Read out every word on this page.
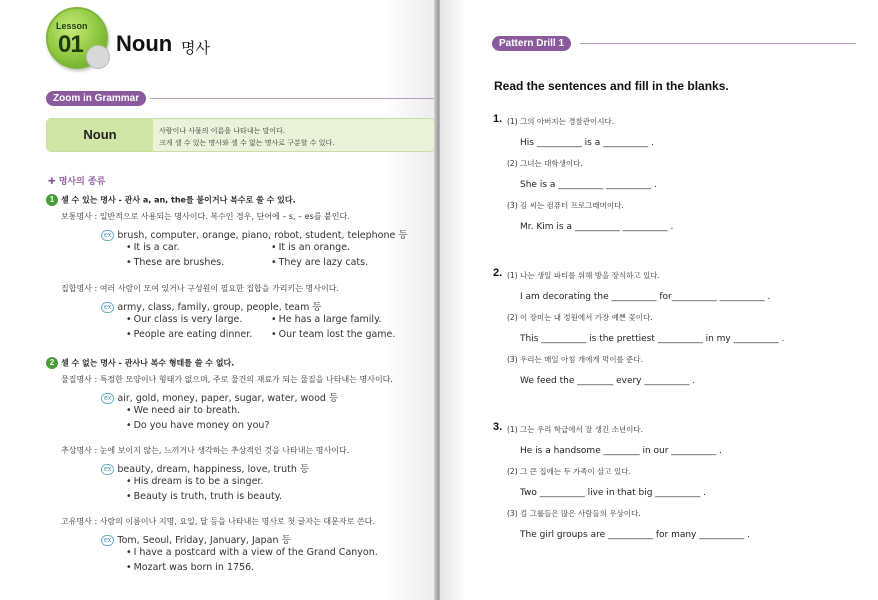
Lesson
01 Noun 명사
Zoom in Grammar
Noun	사람이나 사물의 이름을 나타내는 말이다.
크게 셀 수 있는 명사와 셀 수 없는 명사로 구분할 수 있다.
✚ 명사의 종류
1 셀 수 있는 명사 - 관사 a, an, the를 붙이거나 복수로 쓸 수 있다.
보통명사 : 일반적으로 사용되는 명사이다. 복수인 경우, 단어에 – s, – es를 붙인다.
ex brush, computer, orange, piano, robot, student, telephone 등
• It is a car.	• It is an orange.
• These are brushes.	• They are lazy cats.
집합명사 : 여러 사람이 모여 있거나 구성원이 필요한 집합을 가리키는 명사이다.
ex army, class, family, group, people, team 등
• Our class is very large.	• He has a large family.
• People are eating dinner.	• Our team lost the game.
2 셀 수 없는 명사 - 관사나 복수 형태를 쓸 수 없다.
물질명사 : 특정한 모양이나 형태가 없으며, 주로 물건의 재료가 되는 물질을 나타내는 명사이다.
ex air, gold, money, paper, sugar, water, wood 등
• We need air to breath.
• Do you have money on you?
추상명사 : 눈에 보이지 않는, 느끼거나 생각하는 추상적인 것을 나타내는 명사이다.
ex beauty, dream, happiness, love, truth 등
• His dream is to be a singer.
• Beauty is truth, truth is beauty.
고유명사 : 사람의 이름이나 지명, 요일, 달 등을 나타내는 명사로 첫 글자는 대문자로 쓴다.
ex Tom, Seoul, Friday, January, Japan 등
• I have a postcard with a view of the Grand Canyon.
• Mozart was born in 1756.
Pattern Drill 1
Read the sentences and fill in the blanks.
1. (1) 그의 아버지는 경찰관이시다.
His __________ is a __________ .
(2) 그녀는 대학생이다.
She is a __________ __________ .
(3) 김 씨는 컴퓨터 프로그래머이다.
Mr. Kim is a __________ __________ .
2. (1) 나는 생일 파티를 위해 방을 장식하고 있다.
I am decorating the __________ for__________ __________ .
(2) 이 장미는 내 정원에서 가장 예쁜 꽃이다.
This __________ is the prettiest __________ in my __________ .
(3) 우리는 매일 아침 개에게 먹이를 준다.
We feed the ________ every __________ .
3. (1) 그는 우리 학급에서 잘 생긴 소년이다.
He is a handsome ________ in our __________ .
(2) 그 큰 집에는 두 가족이 살고 있다.
Two __________ live in that big __________ .
(3) 걸 그룹들은 많은 사람들의 우상이다.
The girl groups are __________ for many __________ .
